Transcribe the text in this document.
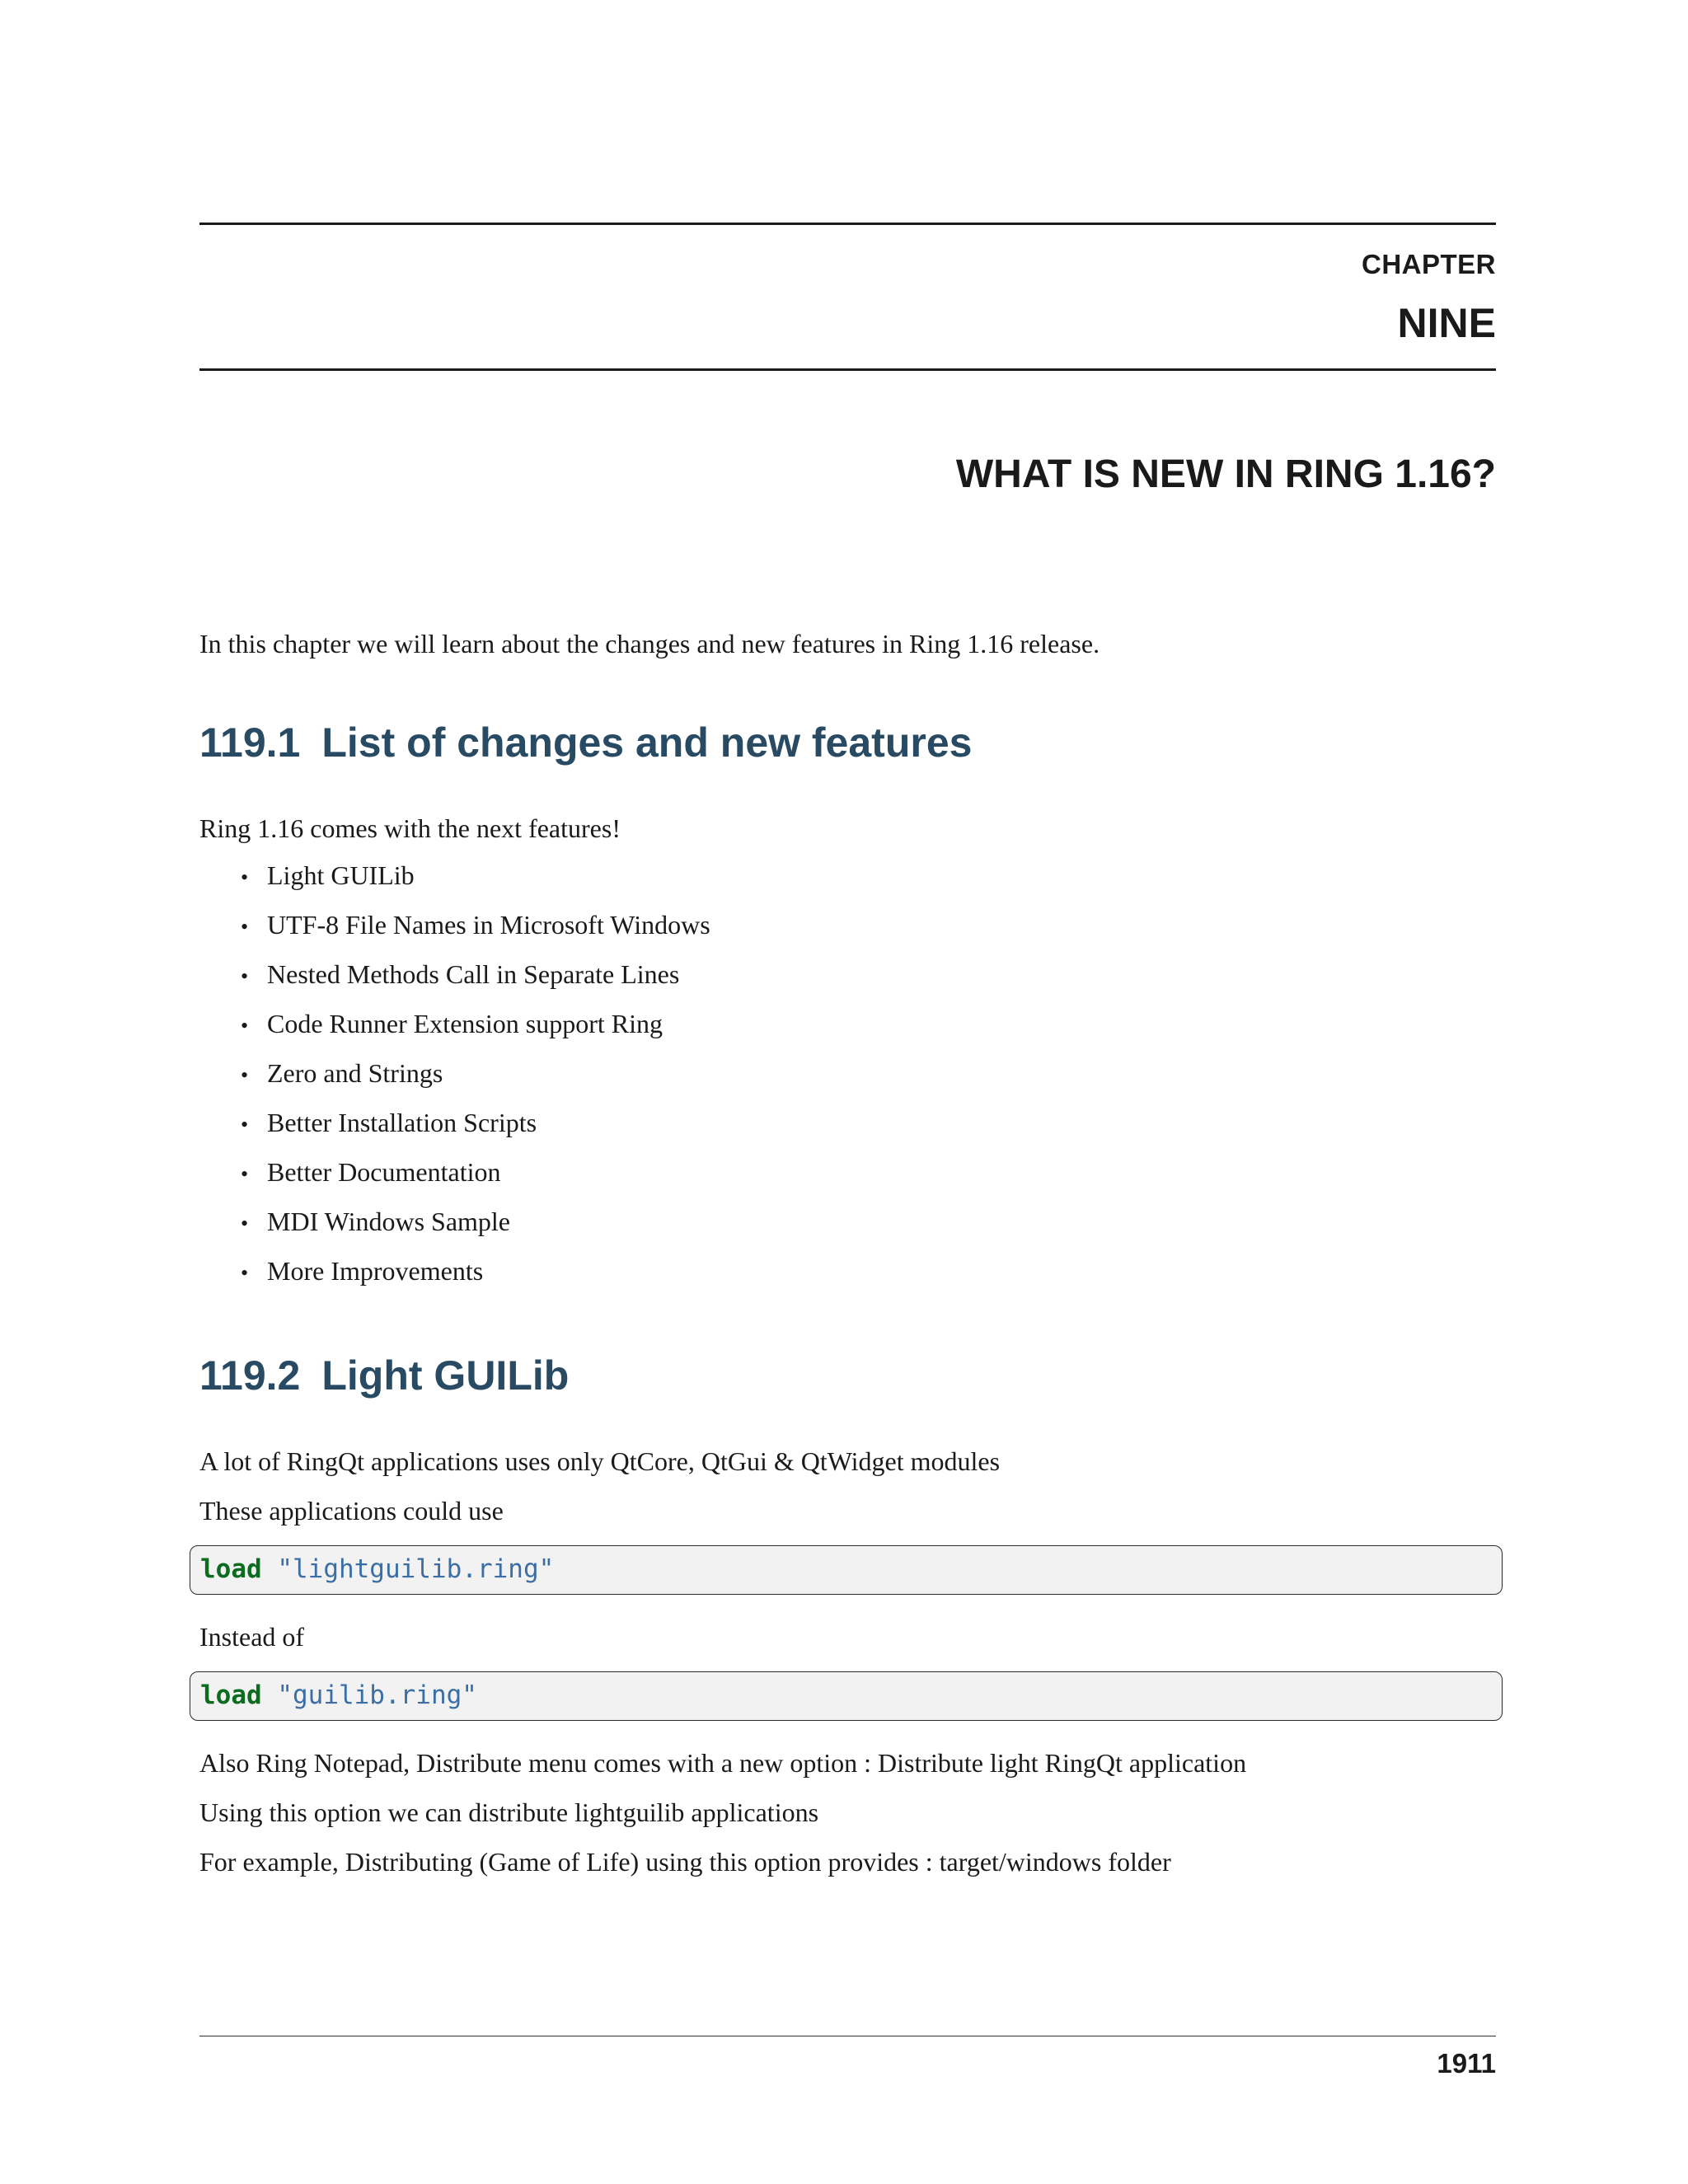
CHAPTER
NINE
WHAT IS NEW IN RING 1.16?
In this chapter we will learn about the changes and new features in Ring 1.16 release.
119.1 List of changes and new features
Ring 1.16 comes with the next features!
• Light GUILib
• UTF-8 File Names in Microsoft Windows
• Nested Methods Call in Separate Lines
• Code Runner Extension support Ring
• Zero and Strings
• Better Installation Scripts
• Better Documentation
• MDI Windows Sample
• More Improvements
119.2 Light GUILib
A lot of RingQt applications uses only QtCore, QtGui & QtWidget modules
These applications could use
load "lightguilib.ring"
Instead of
load "guilib.ring"
Also Ring Notepad, Distribute menu comes with a new option : Distribute light RingQt application
Using this option we can distribute lightguilib applications
For example, Distributing (Game of Life) using this option provides : target/windows folder
1911
